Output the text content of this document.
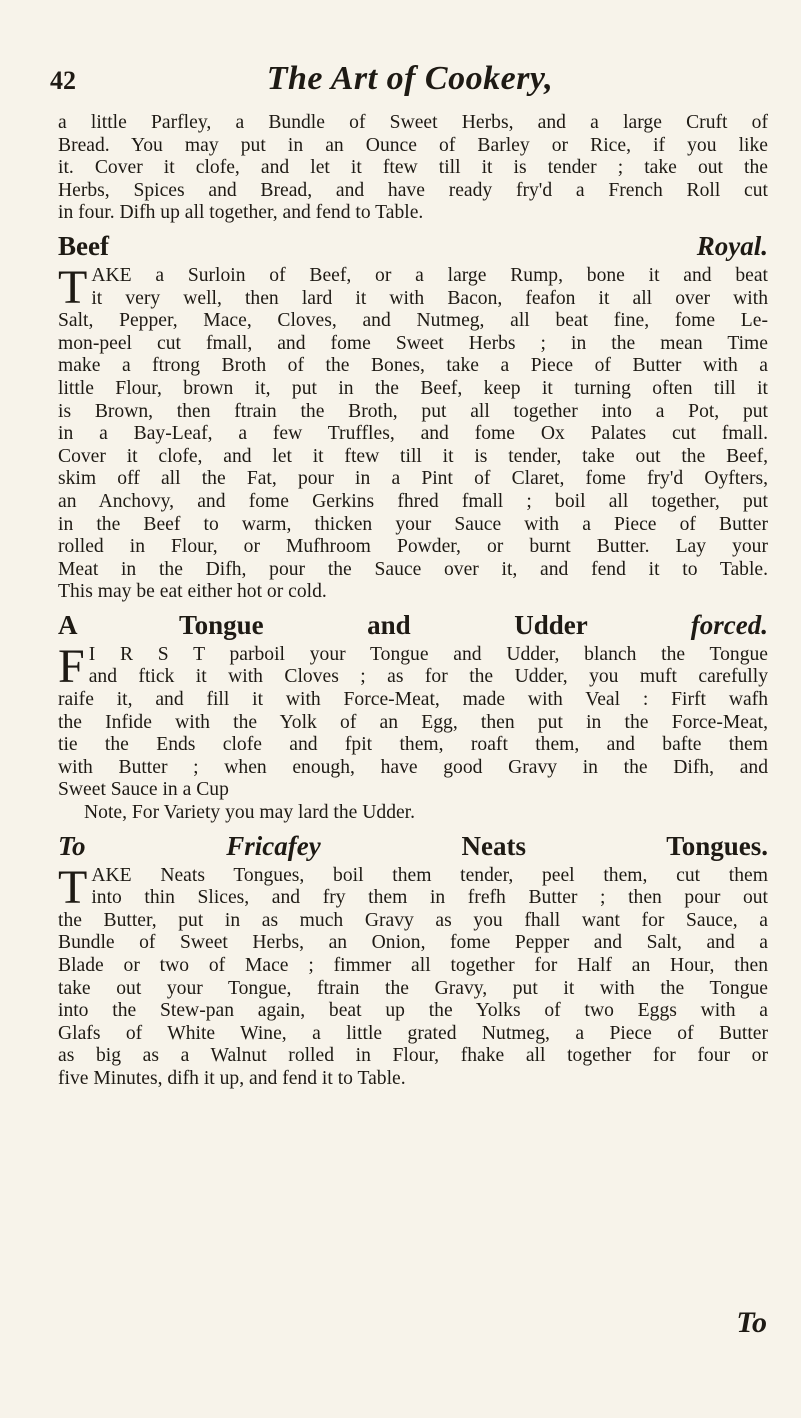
42	The Art of Cookery,
a little Parfley, a Bundle of Sweet Herbs, and a large Cruft of
Bread. You may put in an Ounce of Barley or Rice, if you like
it. Cover it clofe, and let it ftew till it is tender ; take out the
Herbs, Spices and Bread, and have ready fry'd a French Roll cut
in four. Difh up all together, and fend to Table.
Beef Royal.
T AKE a Surloin of Beef, or a large Rump, bone it and beat
it very well, then lard it with Bacon, feafon it all over with
Salt, Pepper, Mace, Cloves, and Nutmeg, all beat fine, fome Le-
mon-peel cut fmall, and fome Sweet Herbs ; in the mean Time
make a ftrong Broth of the Bones, take a Piece of Butter with a
little Flour, brown it, put in the Beef, keep it turning often till it
is Brown, then ftrain the Broth, put all together into a Pot, put
in a Bay-Leaf, a few Truffles, and fome Ox Palates cut fmall.
Cover it clofe, and let it ftew till it is tender, take out the Beef,
skim off all the Fat, pour in a Pint of Claret, fome fry'd Oyfters,
an Anchovy, and fome Gerkins fhred fmall ; boil all together, put
in the Beef to warm, thicken your Sauce with a Piece of Butter
rolled in Flour, or Mufhroom Powder, or burnt Butter. Lay your
Meat in the Difh, pour the Sauce over it, and fend it to Table.
This may be eat either hot or cold.
A Tongue and Udder forced.
F I R S T parboil your Tongue and Udder, blanch the Tongue
and ftick it with Cloves ; as for the Udder, you muft carefully
raife it, and fill it with Force-Meat, made with Veal : Firft wafh
the Infide with the Yolk of an Egg, then put in the Force-Meat,
tie the Ends clofe and fpit them, roaft them, and bafte them
with Butter ; when enough, have good Gravy in the Difh, and
Sweet Sauce in a Cup
Note, For Variety you may lard the Udder.
To Fricafey Neats Tongues.
T AKE Neats Tongues, boil them tender, peel them, cut them
into thin Slices, and fry them in frefh Butter ; then pour out
the Butter, put in as much Gravy as you fhall want for Sauce, a
Bundle of Sweet Herbs, an Onion, fome Pepper and Salt, and a
Blade or two of Mace ; fimmer all together for Half an Hour, then
take out your Tongue, ftrain the Gravy, put it with the Tongue
into the Stew-pan again, beat up the Yolks of two Eggs with a
Glafs of White Wine, a little grated Nutmeg, a Piece of Butter
as big as a Walnut rolled in Flour, fhake all together for four or
five Minutes, difh it up, and fend it to Table.
To
